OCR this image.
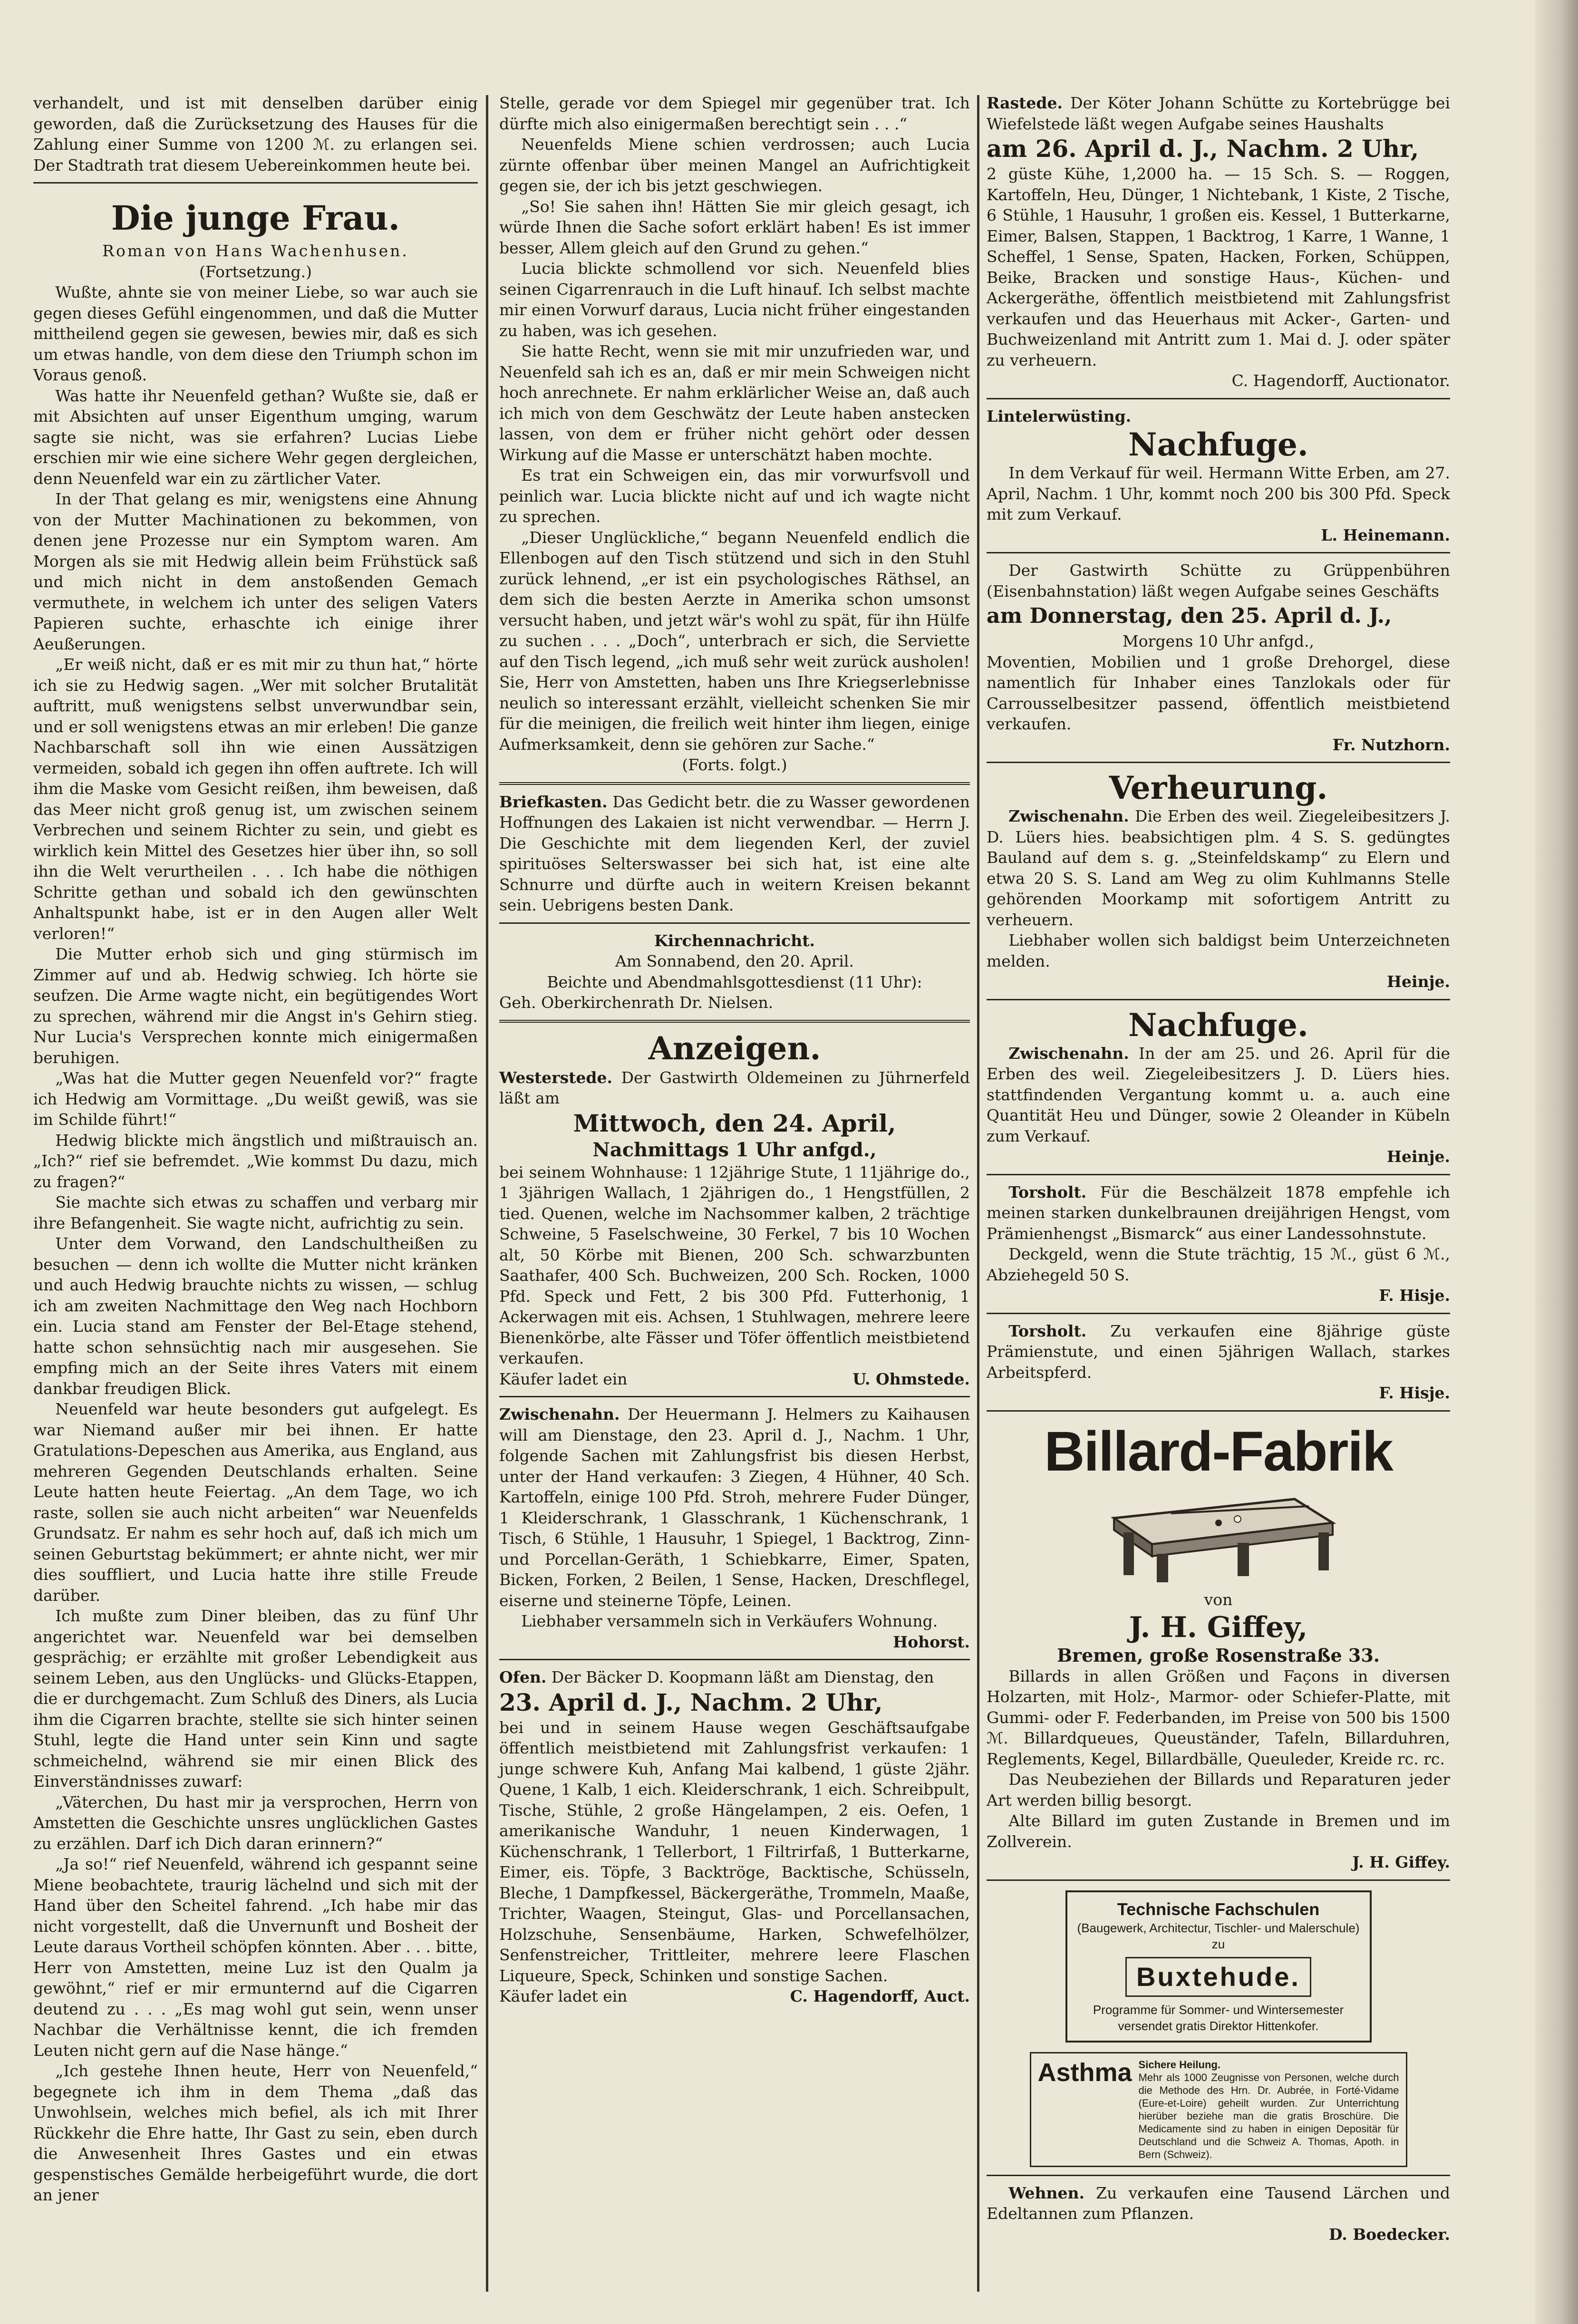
verhandelt, und ist mit denselben darüber einig geworden, daß die Zurücksetzung des Hauses für die Zahlung einer Summe von 1200 ℳ. zu erlangen sei. Der Stadtrath trat diesem Uebereinkommen heute bei.

Die junge Frau.
Roman von Hans Wachenhusen.
(Fortsetzung.)

Wußte, ahnte sie von meiner Liebe, so war auch sie gegen dieses Gefühl eingenommen, und daß die Mutter mittheilend gegen sie gewesen, bewies mir, daß es sich um etwas handle, von dem diese den Triumph schon im Voraus genoß.

Was hatte ihr Neuenfeld gethan? Wußte sie, daß er mit Absichten auf unser Eigenthum umging, warum sagte sie nicht, was sie erfahren? Lucias Liebe erschien mir wie eine sichere Wehr gegen dergleichen, denn Neuenfeld war ein zu zärtlicher Vater.

In der That gelang es mir, wenigstens eine Ahnung von der Mutter Machinationen zu bekommen, von denen jene Prozesse nur ein Symptom waren. Am Morgen als sie mit Hedwig allein beim Frühstück saß und mich nicht in dem anstoßenden Gemach vermuthete, in welchem ich unter des seligen Vaters Papieren suchte, erhaschte ich einige ihrer Aeußerungen.

„Er weiß nicht, daß er es mit mir zu thun hat,“ hörte ich sie zu Hedwig sagen. „Wer mit solcher Brutalität auftritt, muß wenigstens selbst unverwundbar sein, und er soll wenigstens etwas an mir erleben! Die ganze Nachbarschaft soll ihn wie einen Aussätzigen vermeiden, sobald ich gegen ihn offen auftrete. Ich will ihm die Maske vom Gesicht reißen, ihm beweisen, daß das Meer nicht groß genug ist, um zwischen seinem Verbrechen und seinem Richter zu sein, und giebt es wirklich kein Mittel des Gesetzes hier über ihn, so soll ihn die Welt verurtheilen . . . Ich habe die nöthigen Schritte gethan und sobald ich den gewünschten Anhaltspunkt habe, ist er in den Augen aller Welt verloren!“

Die Mutter erhob sich und ging stürmisch im Zimmer auf und ab. Hedwig schwieg. Ich hörte sie seufzen. Die Arme wagte nicht, ein begütigendes Wort zu sprechen, während mir die Angst in's Gehirn stieg. Nur Lucia's Versprechen konnte mich einigermaßen beruhigen.

„Was hat die Mutter gegen Neuenfeld vor?“ fragte ich Hedwig am Vormittage. „Du weißt gewiß, was sie im Schilde führt!“

Hedwig blickte mich ängstlich und mißtrauisch an. „Ich?“ rief sie befremdet. „Wie kommst Du dazu, mich zu fragen?“

Sie machte sich etwas zu schaffen und verbarg mir ihre Befangenheit. Sie wagte nicht, aufrichtig zu sein.

Unter dem Vorwand, den Landschultheißen zu besuchen — denn ich wollte die Mutter nicht kränken und auch Hedwig brauchte nichts zu wissen, — schlug ich am zweiten Nachmittage den Weg nach Hochborn ein. Lucia stand am Fenster der Bel-Etage stehend, hatte schon sehnsüchtig nach mir ausgesehen. Sie empfing mich an der Seite ihres Vaters mit einem dankbar freudigen Blick.

Neuenfeld war heute besonders gut aufgelegt. Es war Niemand außer mir bei ihnen. Er hatte Gratulations-Depeschen aus Amerika, aus England, aus mehreren Gegenden Deutschlands erhalten. Seine Leute hatten heute Feiertag. „An dem Tage, wo ich raste, sollen sie auch nicht arbeiten“ war Neuenfelds Grundsatz. Er nahm es sehr hoch auf, daß ich mich um seinen Geburtstag bekümmert; er ahnte nicht, wer mir dies souffliert, und Lucia hatte ihre stille Freude darüber.

Ich mußte zum Diner bleiben, das zu fünf Uhr angerichtet war. Neuenfeld war bei demselben gesprächig; er erzählte mit großer Lebendigkeit aus seinem Leben, aus den Unglücks- und Glücks-Etappen, die er durchgemacht. Zum Schluß des Diners, als Lucia ihm die Cigarren brachte, stellte sie sich hinter seinen Stuhl, legte die Hand unter sein Kinn und sagte schmeichelnd, während sie mir einen Blick des Einverständnisses zuwarf:

„Väterchen, Du hast mir ja versprochen, Herrn von Amstetten die Geschichte unsres unglücklichen Gastes zu erzählen. Darf ich Dich daran erinnern?“

„Ja so!“ rief Neuenfeld, während ich gespannt seine Miene beobachtete, traurig lächelnd und sich mit der Hand über den Scheitel fahrend. „Ich habe mir das nicht vorgestellt, daß die Unvernunft und Bosheit der Leute daraus Vortheil schöpfen könnten. Aber . . . bitte, Herr von Amstetten, meine Luz ist den Qualm ja gewöhnt,“ rief er mir ermunternd auf die Cigarren deutend zu . . . „Es mag wohl gut sein, wenn unser Nachbar die Verhältnisse kennt, die ich fremden Leuten nicht gern auf die Nase hänge.“

„Ich gestehe Ihnen heute, Herr von Neuenfeld,“ begegnete ich ihm in dem Thema „daß das Unwohlsein, welches mich befiel, als ich mit Ihrer Rückkehr die Ehre hatte, Ihr Gast zu sein, eben durch die Anwesenheit Ihres Gastes und ein etwas gespenstisches Gemälde herbeigeführt wurde, die dort an jener

Stelle, gerade vor dem Spiegel mir gegenüber trat. Ich dürfte mich also einigermaßen berechtigt sein . . .“

Neuenfelds Miene schien verdrossen; auch Lucia zürnte offenbar über meinen Mangel an Aufrichtigkeit gegen sie, der ich bis jetzt geschwiegen.

„So! Sie sahen ihn! Hätten Sie mir gleich gesagt, ich würde Ihnen die Sache sofort erklärt haben! Es ist immer besser, Allem gleich auf den Grund zu gehen.“

Lucia blickte schmollend vor sich. Neuenfeld blies seinen Cigarrenrauch in die Luft hinauf. Ich selbst machte mir einen Vorwurf daraus, Lucia nicht früher eingestanden zu haben, was ich gesehen.

Sie hatte Recht, wenn sie mit mir unzufrieden war, und Neuenfeld sah ich es an, daß er mir mein Schweigen nicht hoch anrechnete. Er nahm erklärlicher Weise an, daß auch ich mich von dem Geschwätz der Leute haben anstecken lassen, von dem er früher nicht gehört oder dessen Wirkung auf die Masse er unterschätzt haben mochte.

Es trat ein Schweigen ein, das mir vorwurfsvoll und peinlich war. Lucia blickte nicht auf und ich wagte nicht zu sprechen.

„Dieser Unglückliche,“ begann Neuenfeld endlich die Ellenbogen auf den Tisch stützend und sich in den Stuhl zurück lehnend, „er ist ein psychologisches Räthsel, an dem sich die besten Aerzte in Amerika schon umsonst versucht haben, und jetzt wär's wohl zu spät, für ihn Hülfe zu suchen . . . „Doch“, unterbrach er sich, die Serviette auf den Tisch legend, „ich muß sehr weit zurück ausholen! Sie, Herr von Amstetten, haben uns Ihre Kriegserlebnisse neulich so interessant erzählt, vielleicht schenken Sie mir für die meinigen, die freilich weit hinter ihm liegen, einige Aufmerksamkeit, denn sie gehören zur Sache.“

(Forts. folgt.)

Briefkasten. Das Gedicht betr. die zu Wasser gewordenen Hoffnungen des Lakaien ist nicht verwendbar. — Herrn J. Die Geschichte mit dem liegenden Kerl, der zuviel spirituöses Selterswasser bei sich hat, ist eine alte Schnurre und dürfte auch in weitern Kreisen bekannt sein. Uebrigens besten Dank.

Kirchennachricht.
Am Sonnabend, den 20. April.
Beichte und Abendmahlsgottesdienst (11 Uhr):
Geh. Oberkirchenrath Dr. Nielsen.
Anzeigen.

Westerstede. Der Gastwirth Oldemeinen zu Jührnerfeld läßt am

Mittwoch, den 24. April,
Nachmittags 1 Uhr anfgd.,

bei seinem Wohnhause: 1 12jährige Stute, 1 11jährige do., 1 3jährigen Wallach, 1 2jährigen do., 1 Hengstfüllen, 2 tied. Quenen, welche im Nachsommer kalben, 2 trächtige Schweine, 5 Faselschweine, 30 Ferkel, 7 bis 10 Wochen alt, 50 Körbe mit Bienen, 200 Sch. schwarzbunten Saathafer, 400 Sch. Buchweizen, 200 Sch. Rocken, 1000 Pfd. Speck und Fett, 2 bis 300 Pfd. Futterhonig, 1 Ackerwagen mit eis. Achsen, 1 Stuhlwagen, mehrere leere Bienenkörbe, alte Fässer und Töfer öffentlich meistbietend verkaufen.

Käufer ladet ein	U. Ohmstede.

Zwischenahn. Der Heuermann J. Helmers zu Kaihausen will am Dienstage, den 23. April d. J., Nachm. 1 Uhr, folgende Sachen mit Zahlungsfrist bis diesen Herbst, unter der Hand verkaufen: 3 Ziegen, 4 Hühner, 40 Sch. Kartoffeln, einige 100 Pfd. Stroh, mehrere Fuder Dünger, 1 Kleiderschrank, 1 Glasschrank, 1 Küchenschrank, 1 Tisch, 6 Stühle, 1 Hausuhr, 1 Spiegel, 1 Backtrog, Zinn- und Porcellan-Geräth, 1 Schiebkarre, Eimer, Spaten, Bicken, Forken, 2 Beilen, 1 Sense, Hacken, Dreschflegel, eiserne und steinerne Töpfe, Leinen.

Liebhaber versammeln sich in Verkäufers Wohnung.

Hohorst.

Ofen. Der Bäcker D. Koopmann läßt am Dienstag, den

23. April d. J., Nachm. 2 Uhr,

bei und in seinem Hause wegen Geschäftsaufgabe öffentlich meistbietend mit Zahlungsfrist verkaufen: 1 junge schwere Kuh, Anfang Mai kalbend, 1 güste 2jähr. Quene, 1 Kalb, 1 eich. Kleiderschrank, 1 eich. Schreibpult, Tische, Stühle, 2 große Hängelampen, 2 eis. Oefen, 1 amerikanische Wanduhr, 1 neuen Kinderwagen, 1 Küchenschrank, 1 Tellerbort, 1 Filtrirfaß, 1 Butterkarne, Eimer, eis. Töpfe, 3 Backtröge, Backtische, Schüsseln, Bleche, 1 Dampfkessel, Bäckergeräthe, Trommeln, Maaße, Trichter, Waagen, Steingut, Glas- und Porcellansachen, Holzschuhe, Sensenbäume, Harken, Schwefelhölzer, Senfenstreicher, Trittleiter, mehrere leere Flaschen Liqueure, Speck, Schinken und sonstige Sachen.

Käufer ladet ein	C. Hagendorff, Auct.

Rastede. Der Köter Johann Schütte zu Kortebrügge bei Wiefelstede läßt wegen Aufgabe seines Haushalts

am 26. April d. J., Nachm. 2 Uhr,

2 güste Kühe, 1,2000 ha. — 15 Sch. S. — Roggen, Kartoffeln, Heu, Dünger, 1 Nichtebank, 1 Kiste, 2 Tische, 6 Stühle, 1 Hausuhr, 1 großen eis. Kessel, 1 Butterkarne, Eimer, Balsen, Stappen, 1 Backtrog, 1 Karre, 1 Wanne, 1 Scheffel, 1 Sense, Spaten, Hacken, Forken, Schüppen, Beike, Bracken und sonstige Haus-, Küchen- und Ackergeräthe, öffentlich meistbietend mit Zahlungsfrist verkaufen und das Heuerhaus mit Acker-, Garten- und Buchweizenland mit Antritt zum 1. Mai d. J. oder später zu verheuern.

C. Hagendorff, Auctionator.
Lintelerwüsting.
Nachfuge.

In dem Verkauf für weil. Hermann Witte Erben, am 27. April, Nachm. 1 Uhr, kommt noch 200 bis 300 Pfd. Speck mit zum Verkauf.

L. Heinemann.

Der Gastwirth Schütte zu Grüppenbühren (Eisenbahnstation) läßt wegen Aufgabe seines Geschäfts

am Donnerstag, den 25. April d. J.,
Morgens 10 Uhr anfgd.,

Moventien, Mobilien und 1 große Drehorgel, diese namentlich für Inhaber eines Tanzlokals oder für Carrousselbesitzer passend, öffentlich meistbietend verkaufen.

Fr. Nutzhorn.
Verheurung.

Zwischenahn. Die Erben des weil. Ziegeleibesitzers J. D. Lüers hies. beabsichtigen plm. 4 S. S. gedüngtes Bauland auf dem s. g. „Steinfeldskamp“ zu Elern und etwa 20 S. S. Land am Weg zu olim Kuhlmanns Stelle gehörenden Moorkamp mit sofortigem Antritt zu verheuern.

Liebhaber wollen sich baldigst beim Unterzeichneten melden.

Heinje.
Nachfuge.

Zwischenahn. In der am 25. und 26. April für die Erben des weil. Ziegeleibesitzers J. D. Lüers hies. stattfindenden Vergantung kommt u. a. auch eine Quantität Heu und Dünger, sowie 2 Oleander in Kübeln zum Verkauf.

Heinje.

Torsholt. Für die Beschälzeit 1878 empfehle ich meinen starken dunkelbraunen dreijährigen Hengst, vom Prämienhengst „Bismarck“ aus einer Landessohnstute.

Deckgeld, wenn die Stute trächtig, 15 ℳ., güst 6 ℳ., Abziehegeld 50 S.

F. Hisje.

Torsholt. Zu verkaufen eine 8jährige güste Prämienstute, und einen 5jährigen Wallach, starkes Arbeitspferd.

F. Hisje.
Billard-Fabrik
von
J. H. Giffey,
Bremen, große Rosenstraße 33.

Billards in allen Größen und Façons in diversen Holzarten, mit Holz-, Marmor- oder Schiefer-Platte, mit Gummi- oder F. Federbanden, im Preise von 500 bis 1500 ℳ. Billardqueues, Queuständer, Tafeln, Billarduhren, Reglements, Kegel, Billardbälle, Queuleder, Kreide rc. rc.

Das Neubeziehen der Billards und Reparaturen jeder Art werden billig besorgt.

Alte Billard im guten Zustande in Bremen und im Zollverein.

J. H. Giffey.
Technische Fachschulen
(Baugewerk, Architectur, Tischler- und Malerschule) zu
Buxtehude.
Programme für Sommer- und Wintersemester versendet gratis Direktor Hittenkofer.
Asthma Sichere Heilung.
Mehr als 1000 Zeugnisse von Personen, welche durch die Methode des Hrn. Dr. Aubrée, in Forté-Vidame (Eure-et-Loire) geheilt wurden. Zur Unterrichtung hierüber beziehe man die gratis Broschüre. Die Medicamente sind zu haben in einigen Depositär für Deutschland und die Schweiz A. Thomas, Apoth. in Bern (Schweiz).

Wehnen. Zu verkaufen eine Tausend Lärchen und Edeltannen zum Pflanzen.

D. Boedecker.
